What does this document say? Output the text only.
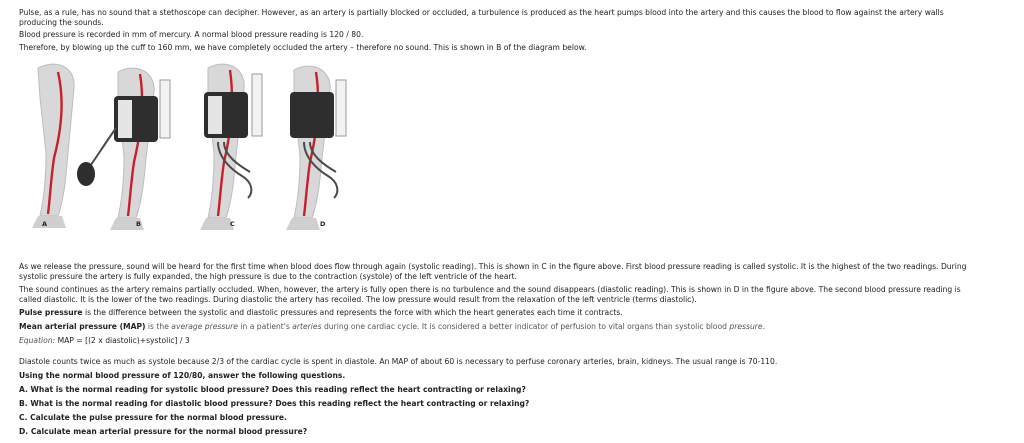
Pulse, as a rule, has no sound that a stethoscope can decipher. However, as an artery is partially blocked or occluded, a turbulence is produced as the heart pumps blood into the artery and this causes the blood to flow against the artery walls producing the sounds.

Blood pressure is recorded in mm of mercury. A normal blood pressure reading is 120 / 80.

Therefore, by blowing up the cuff to 160 mm, we have completely occluded the artery – therefore no sound. This is shown in B of the diagram below.

A	B	C	D

As we release the pressure, sound will be heard for the first time when blood does flow through again (systolic reading). This is shown in C in the figure above. First blood pressure reading is called systolic. It is the highest of the two readings. During systolic pressure the artery is fully expanded, the high pressure is due to the contraction (systole) of the left ventricle of the heart.

The sound continues as the artery remains partially occluded. When, however, the artery is fully open there is no turbulence and the sound disappears (diastolic reading). This is shown in D in the figure above. The second blood pressure reading is called diastolic. It is the lower of the two readings. During diastolic the artery has recoiled. The low pressure would result from the relaxation of the left ventricle (terms diastolic).

Pulse pressure is the difference between the systolic and diastolic pressures and represents the force with which the heart generates each time it contracts.

Mean arterial pressure (MAP) is the average pressure in a patient's arteries during one cardiac cycle. It is considered a better indicator of perfusion to vital organs than systolic blood pressure.

Equation: MAP = [(2 x diastolic)+systolic] / 3

Diastole counts twice as much as systole because 2/3 of the cardiac cycle is spent in diastole. An MAP of about 60 is necessary to perfuse coronary arteries, brain, kidneys. The usual range is 70-110.

Using the normal blood pressure of 120/80, answer the following questions.

A. What is the normal reading for systolic blood pressure? Does this reading reflect the heart contracting or relaxing?

B. What is the normal reading for diastolic blood pressure? Does this reading reflect the heart contracting or relaxing?

C. Calculate the pulse pressure for the normal blood pressure.

D. Calculate mean arterial pressure for the normal blood pressure?
